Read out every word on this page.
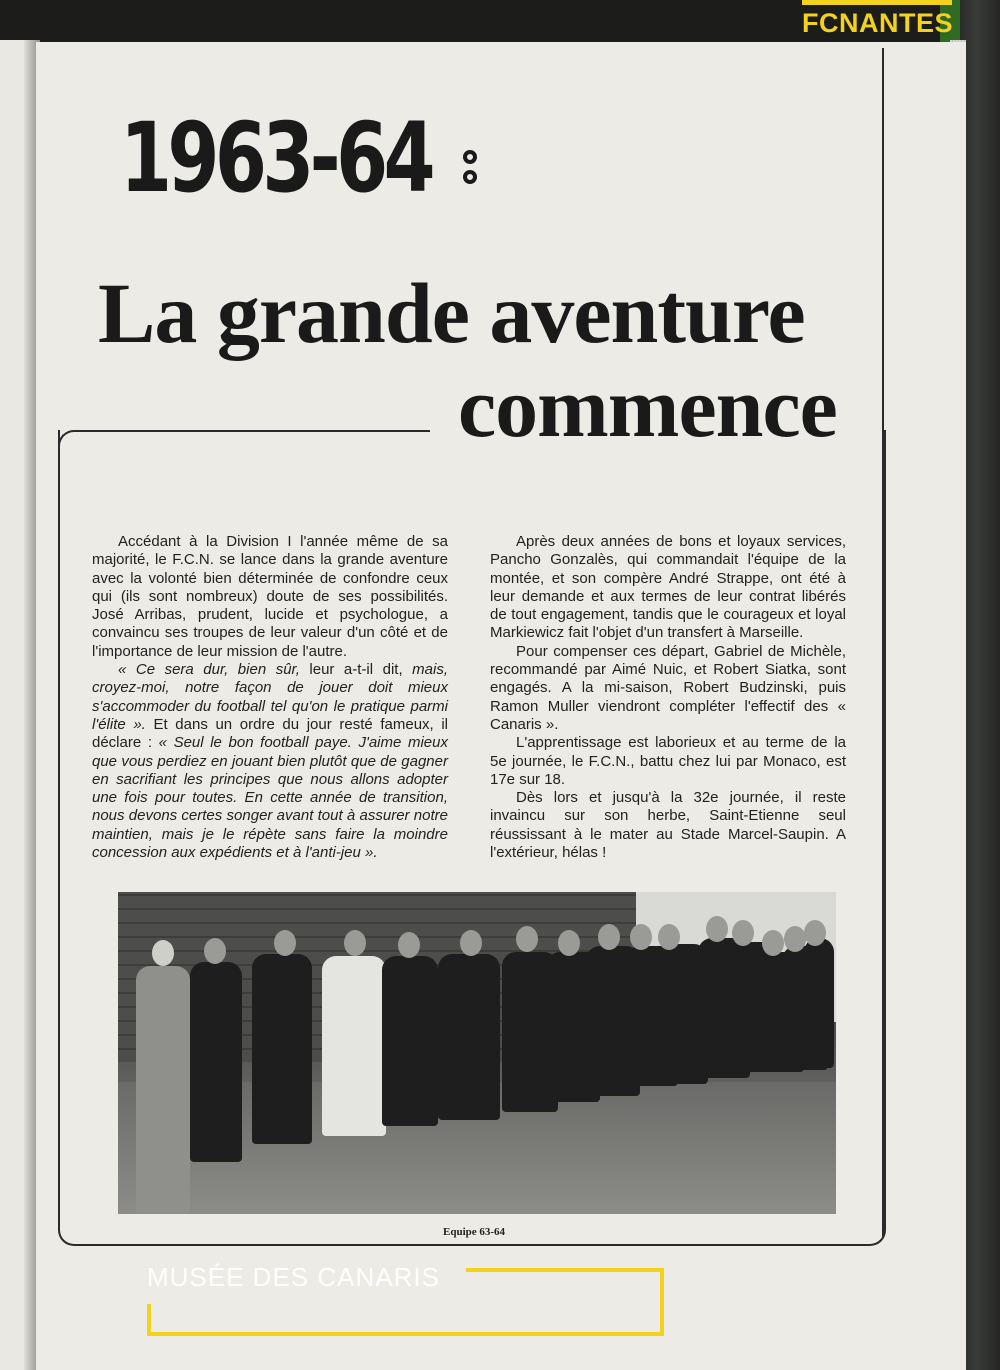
FCNANTES
1963-64
La grande aventure
commence

Accédant à la Division I l'année même de sa majorité, le F.C.N. se lance dans la grande aventure avec la volonté bien déterminée de confondre ceux qui (ils sont nombreux) doute de ses possibilités. José Arribas, prudent, lucide et psychologue, a convaincu ses troupes de leur valeur d'un côté et de l'importance de leur mission de l'autre.

« Ce sera dur, bien sûr, leur a-t-il dit, mais, croyez-moi, notre façon de jouer doit mieux s'accommoder du football tel qu'on le pratique parmi l'élite ». Et dans un ordre du jour resté fameux, il déclare : « Seul le bon football paye. J'aime mieux que vous perdiez en jouant bien plutôt que de gagner en sacrifiant les principes que nous allons adopter une fois pour toutes. En cette année de transition, nous devons certes songer avant tout à assurer notre maintien, mais je le répète sans faire la moindre concession aux expédients et à l'anti-jeu ».

Après deux années de bons et loyaux services, Pancho Gonzalès, qui commandait l'équipe de la montée, et son compère André Strappe, ont été à leur demande et aux termes de leur contrat libérés de tout engagement, tandis que le courageux et loyal Markiewicz fait l'objet d'un transfert à Marseille.

Pour compenser ces départ, Gabriel de Michèle, recommandé par Aimé Nuic, et Robert Siatka, sont engagés. A la mi-saison, Robert Budzinski, puis Ramon Muller viendront compléter l'effectif des « Canaris ».

L'apprentissage est laborieux et au terme de la 5e journée, le F.C.N., battu chez lui par Monaco, est 17e sur 18.

Dès lors et jusqu'à la 32e journée, il reste invaincu sur son herbe, Saint-Etienne seul réussissant à le mater au Stade Marcel-Saupin. A l'extérieur, hélas !

Equipe 63-64
MUSÉE DES CANARIS
